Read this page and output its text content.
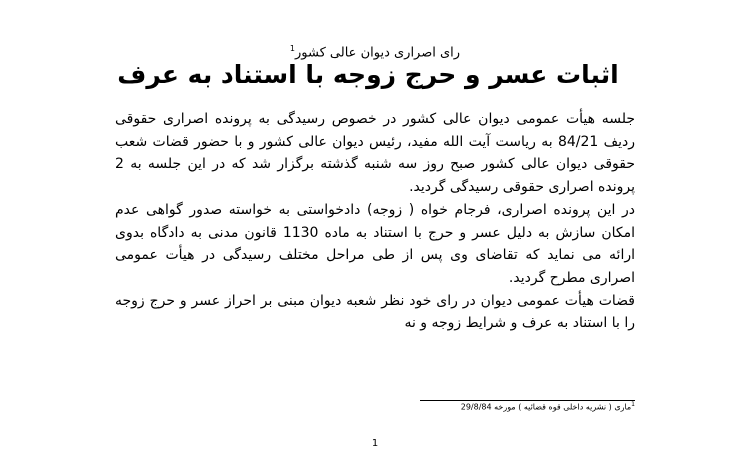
رای اصراری دیوان عالی کشور$^1$
اثبات عسر و حرج زوجه با استناد به عرف

جلسه هیأت عمومی دیوان عالی کشور در خصوص رسیدگی به پرونده اصراری حقوقی ردیف 84/21 به ریاست آیت الله مفید، رئیس دیوان عالی کشور و با حضور قضات شعب حقوقی دیوان عالی کشور صبح روز سه شنبه گذشته برگزار شد که در این جلسه به 2 پرونده اصراری حقوقی رسیدگی گردید.

در این پرونده اصراری، فرجام خواه ( زوجه) دادخواستی به خواسته صدور گواهی عدم امکان سازش به دلیل عسر و حرج با استناد به ماده 1130 قانون مدنی به دادگاه بدوی ارائه می نماید که تقاضای وی پس از طی مراحل مختلف رسیدگی در هیأت عمومی اصراری مطرح گردید.

قضات هیأت عمومی دیوان در رای خود نظر شعبه دیوان مبنی بر احراز عسر و حرج زوجه را با استناد به عرف و شرایط زوجه و نه

$^1$ماری ( نشریه داخلی قوه قضائیه ) مورخه 29/8/84
1
